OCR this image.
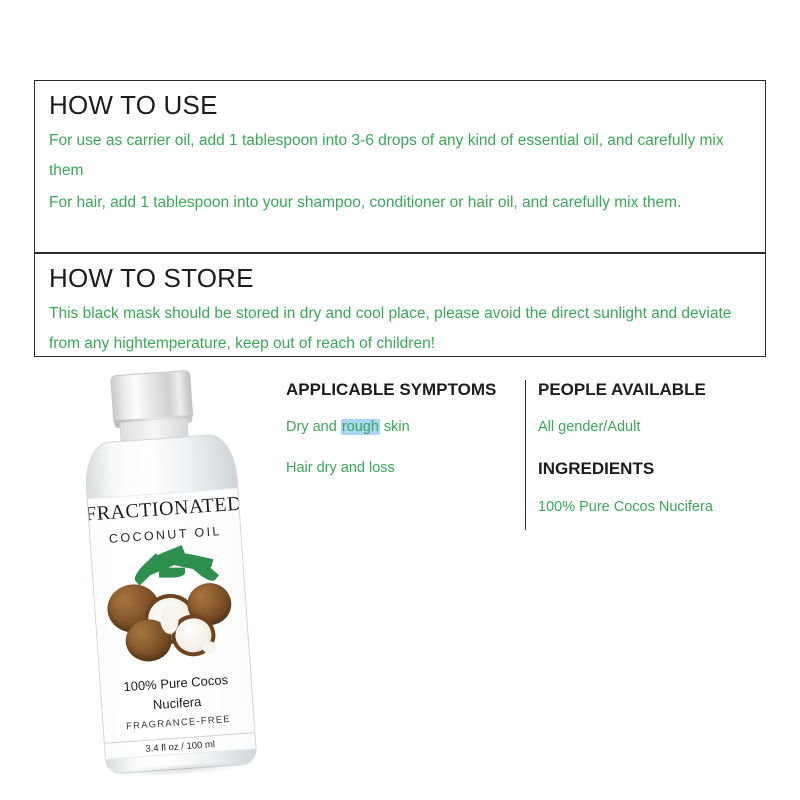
HOW TO USE

For use as carrier oil, add 1 tablespoon into 3-6 drops of any kind of essential oil, and carefully mix them

For hair, add 1 tablespoon into your shampoo, conditioner or hair oil, and carefully mix them.

HOW TO STORE

This black mask should be stored in dry and cool place, please avoid the direct sunlight and deviate from any hightemperature, keep out of reach of children!

APPLICABLE SYMPTOMS

Dry and rough skin

Hair dry and loss

PEOPLE AVAILABLE

All gender/Adult

INGREDIENTS

100% Pure Cocos Nucifera

FRACTIONATED
COCONUT OIL
100% Pure Cocos
Nucifera
FRAGRANCE-FREE
3.4 fl oz / 100 ml
